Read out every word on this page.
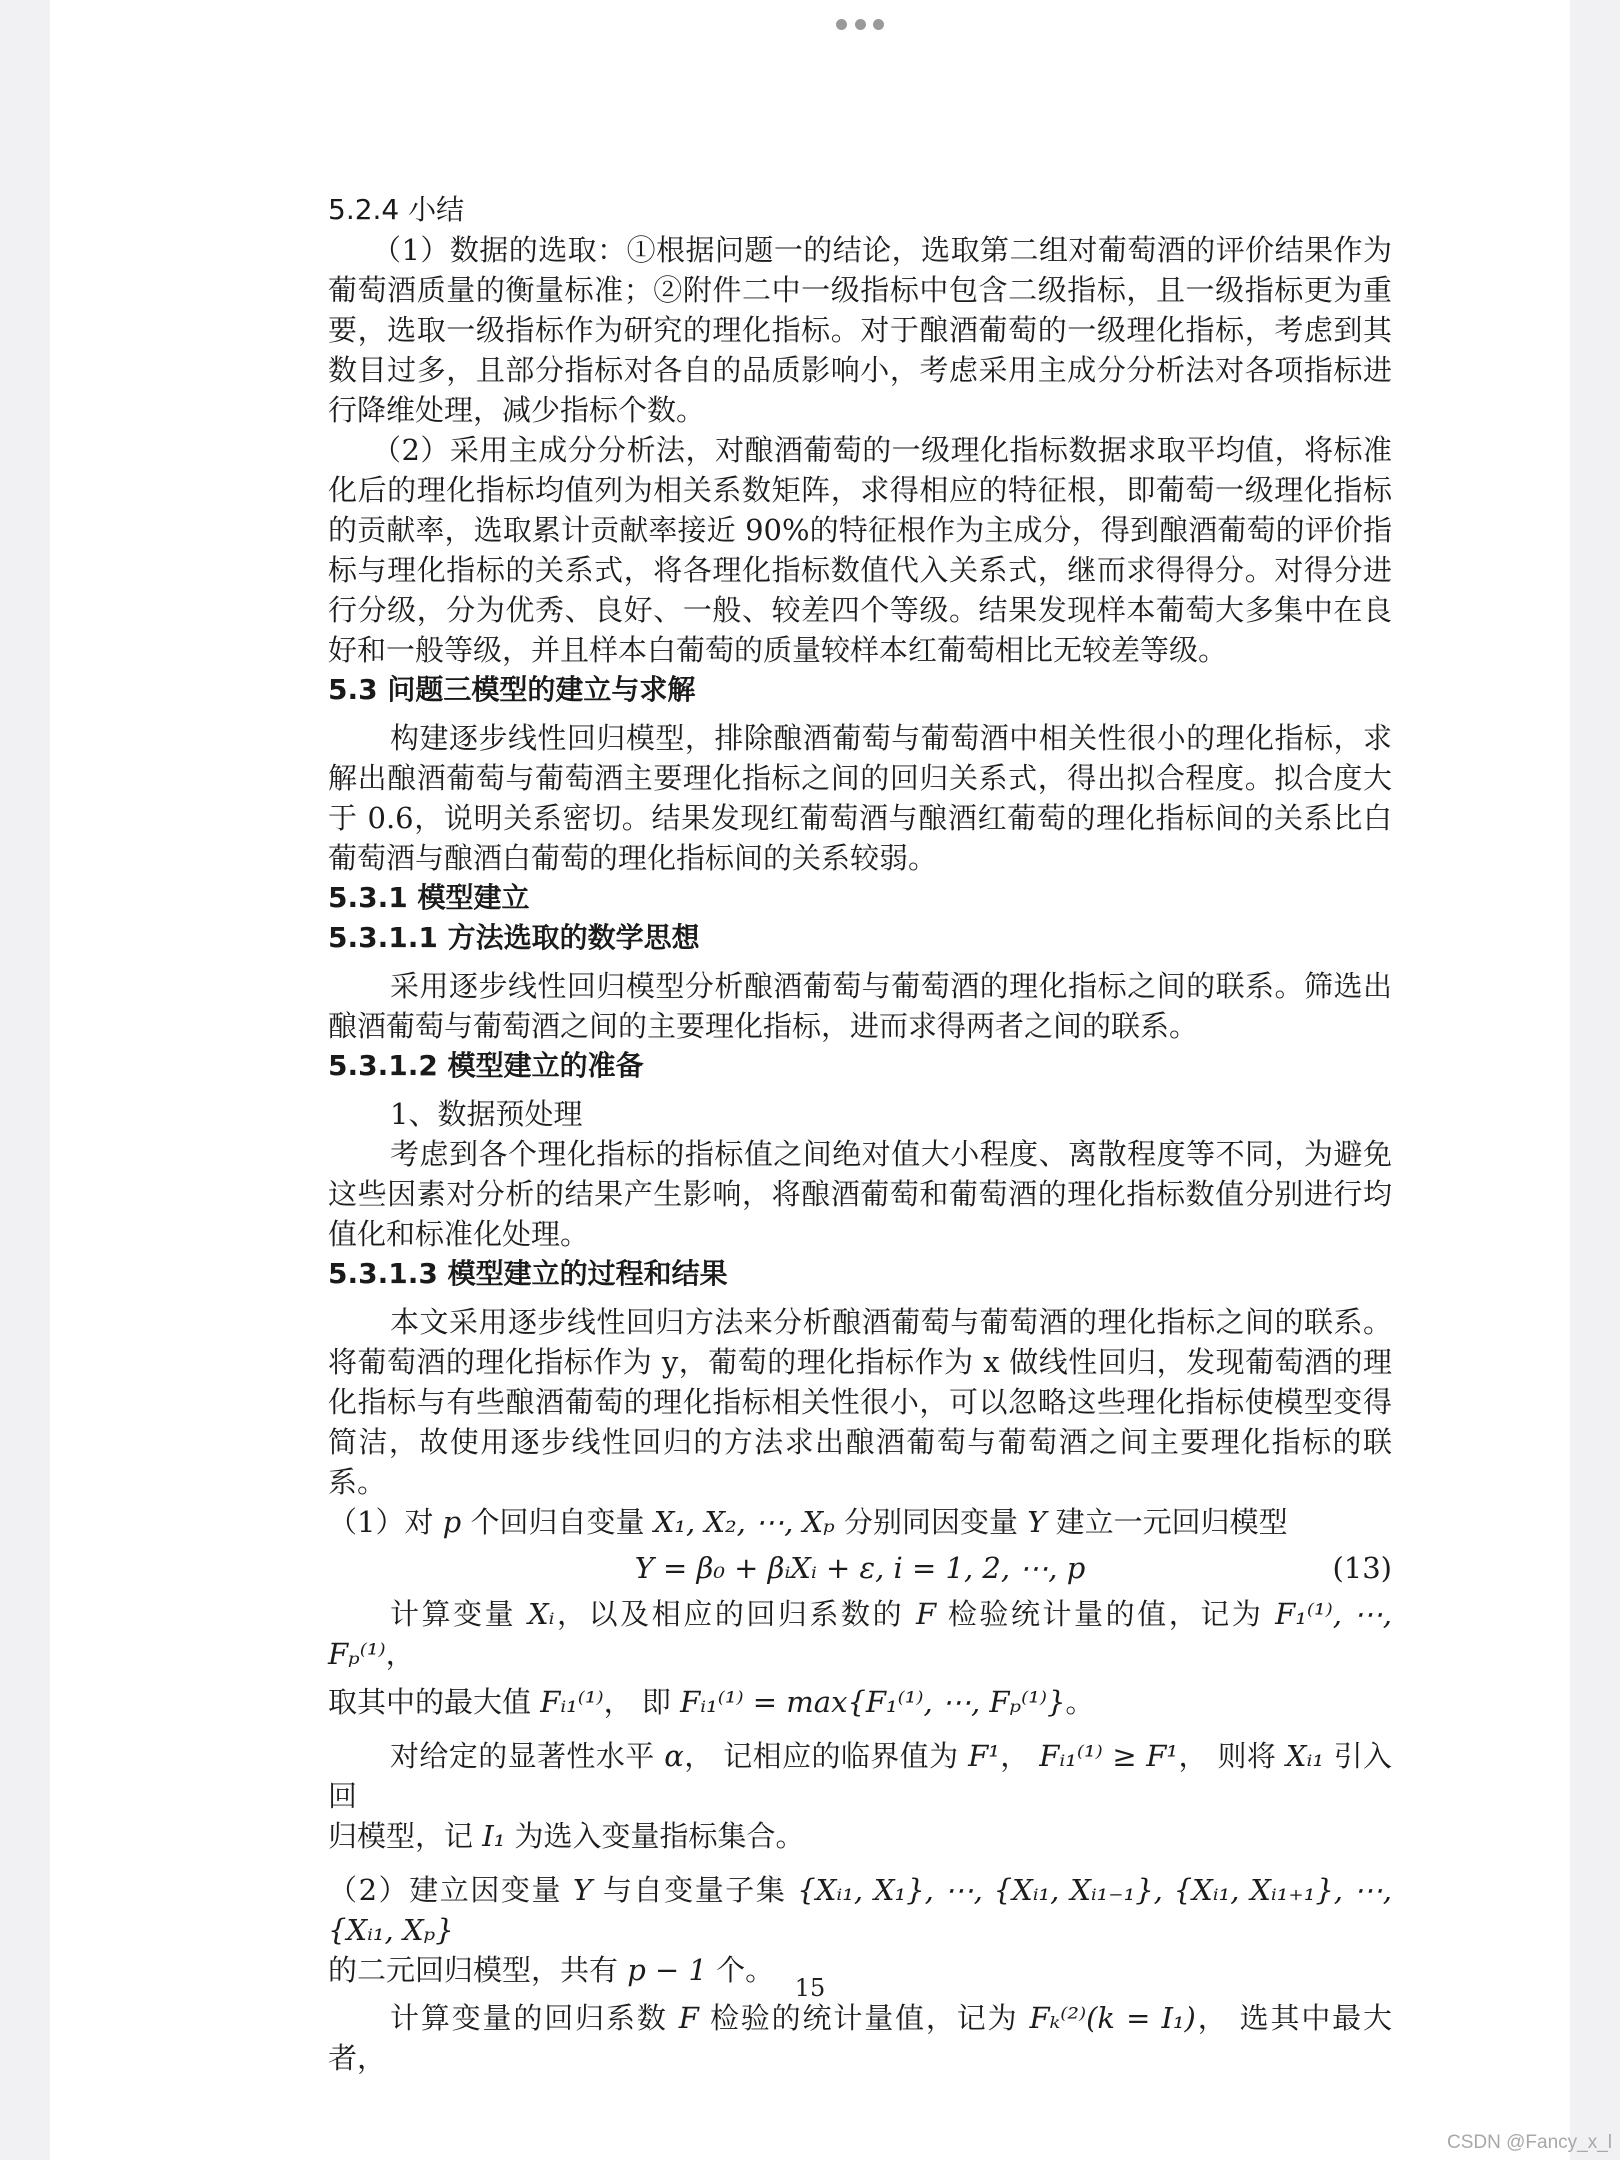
5.2.4 小结

（1）数据的选取：①根据问题一的结论，选取第二组对葡萄酒的评价结果作为葡萄酒质量的衡量标准；②附件二中一级指标中包含二级指标，且一级指标更为重要，选取一级指标作为研究的理化指标。对于酿酒葡萄的一级理化指标，考虑到其数目过多，且部分指标对各自的品质影响小，考虑采用主成分分析法对各项指标进行降维处理，减少指标个数。

（2）采用主成分分析法，对酿酒葡萄的一级理化指标数据求取平均值，将标准化后的理化指标均值列为相关系数矩阵，求得相应的特征根，即葡萄一级理化指标的贡献率，选取累计贡献率接近 90%的特征根作为主成分，得到酿酒葡萄的评价指标与理化指标的关系式，将各理化指标数值代入关系式，继而求得得分。对得分进行分级，分为优秀、良好、一般、较差四个等级。结果发现样本葡萄大多集中在良好和一般等级，并且样本白葡萄的质量较样本红葡萄相比无较差等级。

5.3 问题三模型的建立与求解

构建逐步线性回归模型，排除酿酒葡萄与葡萄酒中相关性很小的理化指标，求解出酿酒葡萄与葡萄酒主要理化指标之间的回归关系式，得出拟合程度。拟合度大于 0.6，说明关系密切。结果发现红葡萄酒与酿酒红葡萄的理化指标间的关系比白葡萄酒与酿酒白葡萄的理化指标间的关系较弱。

5.3.1 模型建立
5.3.1.1 方法选取的数学思想

采用逐步线性回归模型分析酿酒葡萄与葡萄酒的理化指标之间的联系。筛选出酿酒葡萄与葡萄酒之间的主要理化指标，进而求得两者之间的联系。

5.3.1.2 模型建立的准备

1、数据预处理

考虑到各个理化指标的指标值之间绝对值大小程度、离散程度等不同，为避免这些因素对分析的结果产生影响，将酿酒葡萄和葡萄酒的理化指标数值分别进行均值化和标准化处理。

5.3.1.3 模型建立的过程和结果

本文采用逐步线性回归方法来分析酿酒葡萄与葡萄酒的理化指标之间的联系。将葡萄酒的理化指标作为 y，葡萄的理化指标作为 x 做线性回归，发现葡萄酒的理化指标与有些酿酒葡萄的理化指标相关性很小，可以忽略这些理化指标使模型变得简洁，故使用逐步线性回归的方法求出酿酒葡萄与葡萄酒之间主要理化指标的联系。

（1）对 p 个回归自变量 X₁, X₂, ⋯, Xₚ 分别同因变量 Y 建立一元回归模型

Y = β₀ + βᵢXᵢ + ε, i = 1, 2, ⋯, p	(13)

计算变量 Xᵢ，以及相应的回归系数的 F 检验统计量的值，记为 F₁⁽¹⁾, ⋯, Fₚ⁽¹⁾，

取其中的最大值 Fᵢ₁⁽¹⁾， 即 Fᵢ₁⁽¹⁾ = max{F₁⁽¹⁾, ⋯, Fₚ⁽¹⁾}。

对给定的显著性水平 α， 记相应的临界值为 F¹， Fᵢ₁⁽¹⁾ ≥ F¹， 则将 Xᵢ₁ 引入回
归模型，记 I₁ 为选入变量指标集合。

（2）建立因变量 Y 与自变量子集 {Xᵢ₁, X₁}, ⋯, {Xᵢ₁, Xᵢ₁₋₁}, {Xᵢ₁, Xᵢ₁₊₁}, ⋯, {Xᵢ₁, Xₚ}
的二元回归模型，共有 p − 1 个。

计算变量的回归系数 F 检验的统计量值，记为 Fₖ⁽²⁾(k = I₁)， 选其中最大者，

15
CSDN @Fancy_x_l
